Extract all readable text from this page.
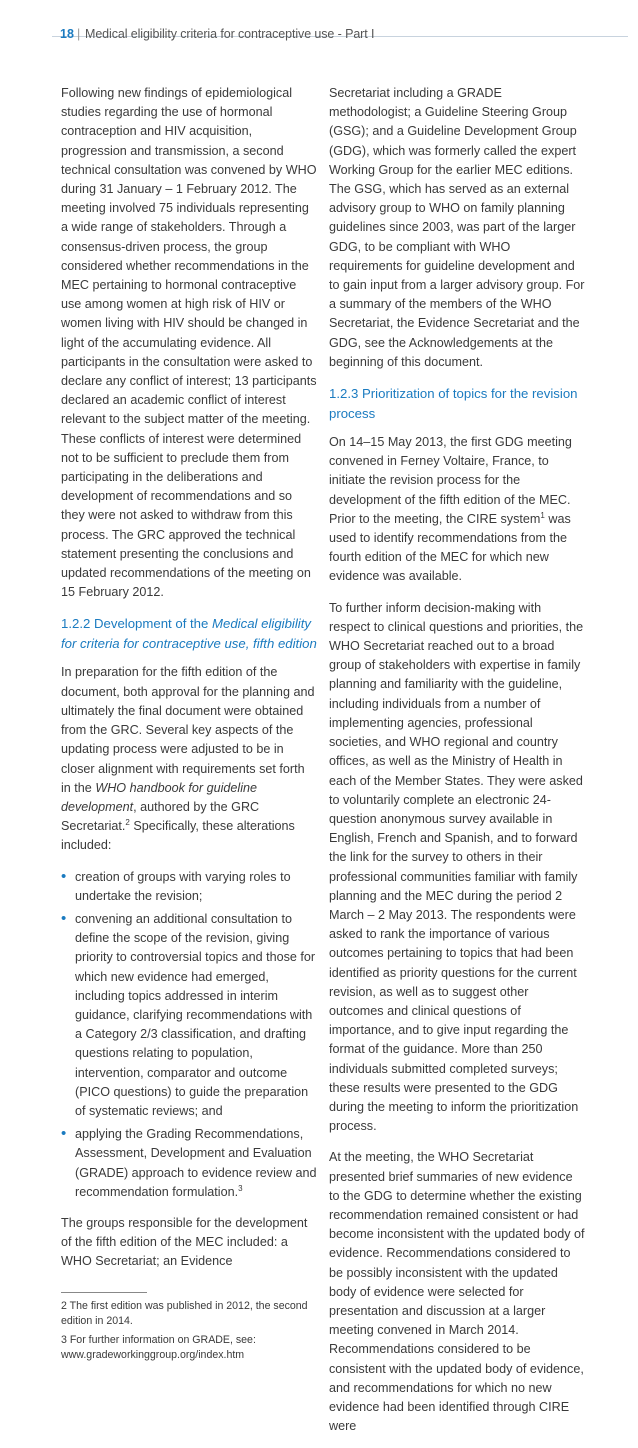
18 | Medical eligibility criteria for contraceptive use - Part I

Following new findings of epidemiological studies regarding the use of hormonal contraception and HIV acquisition, progression and transmission, a second technical consultation was convened by WHO during 31 January – 1 February 2012. The meeting involved 75 individuals representing a wide range of stakeholders. Through a consensus-driven process, the group considered whether recommendations in the MEC pertaining to hormonal contraceptive use among women at high risk of HIV or women living with HIV should be changed in light of the accumulating evidence. All participants in the consultation were asked to declare any conflict of interest; 13 participants declared an academic conflict of interest relevant to the subject matter of the meeting. These conflicts of interest were determined not to be sufficient to preclude them from participating in the deliberations and development of recommendations and so they were not asked to withdraw from this process. The GRC approved the technical statement presenting the conclusions and updated recommendations of the meeting on 15 February 2012.

1.2.2 Development of the Medical eligibility for criteria for contraceptive use, fifth edition

In preparation for the fifth edition of the document, both approval for the planning and ultimately the final document were obtained from the GRC. Several key aspects of the updating process were adjusted to be in closer alignment with requirements set forth in the WHO handbook for guideline development, authored by the GRC Secretariat.$^2$ Specifically, these alterations included:

• creation of groups with varying roles to undertake the revision;
• convening an additional consultation to define the scope of the revision, giving priority to controversial topics and those for which new evidence had emerged, including topics addressed in interim guidance, clarifying recommendations with a Category 2/3 classification, and drafting questions relating to population, intervention, comparator and outcome (PICO questions) to guide the preparation of systematic reviews; and
• applying the Grading Recommendations, Assessment, Development and Evaluation (GRADE) approach to evidence review and recommendation formulation.$^3$

The groups responsible for the development of the fifth edition of the MEC included: a WHO Secretariat; an Evidence

2 The first edition was published in 2012, the second edition in 2014.

3 For further information on GRADE, see: www.gradeworkinggroup.org/index.htm

Secretariat including a GRADE methodologist; a Guideline Steering Group (GSG); and a Guideline Development Group (GDG), which was formerly called the expert Working Group for the earlier MEC editions. The GSG, which has served as an external advisory group to WHO on family planning guidelines since 2003, was part of the larger GDG, to be compliant with WHO requirements for guideline development and to gain input from a larger advisory group. For a summary of the members of the WHO Secretariat, the Evidence Secretariat and the GDG, see the Acknowledgements at the beginning of this document.

1.2.3 Prioritization of topics for the revision process

On 14–15 May 2013, the first GDG meeting convened in Ferney Voltaire, France, to initiate the revision process for the development of the fifth edition of the MEC. Prior to the meeting, the CIRE system$^1$ was used to identify recommendations from the fourth edition of the MEC for which new evidence was available.

To further inform decision-making with respect to clinical questions and priorities, the WHO Secretariat reached out to a broad group of stakeholders with expertise in family planning and familiarity with the guideline, including individuals from a number of implementing agencies, professional societies, and WHO regional and country offices, as well as the Ministry of Health in each of the Member States. They were asked to voluntarily complete an electronic 24-question anonymous survey available in English, French and Spanish, and to forward the link for the survey to others in their professional communities familiar with family planning and the MEC during the period 2 March – 2 May 2013. The respondents were asked to rank the importance of various outcomes pertaining to topics that had been identified as priority questions for the current revision, as well as to suggest other outcomes and clinical questions of importance, and to give input regarding the format of the guidance. More than 250 individuals submitted completed surveys; these results were presented to the GDG during the meeting to inform the prioritization process.

At the meeting, the WHO Secretariat presented brief summaries of new evidence to the GDG to determine whether the existing recommendation remained consistent or had become inconsistent with the updated body of evidence. Recommendations considered to be possibly inconsistent with the updated body of evidence were selected for presentation and discussion at a larger meeting convened in March 2014. Recommendations considered to be consistent with the updated body of evidence, and recommendations for which no new evidence had been identified through CIRE were
